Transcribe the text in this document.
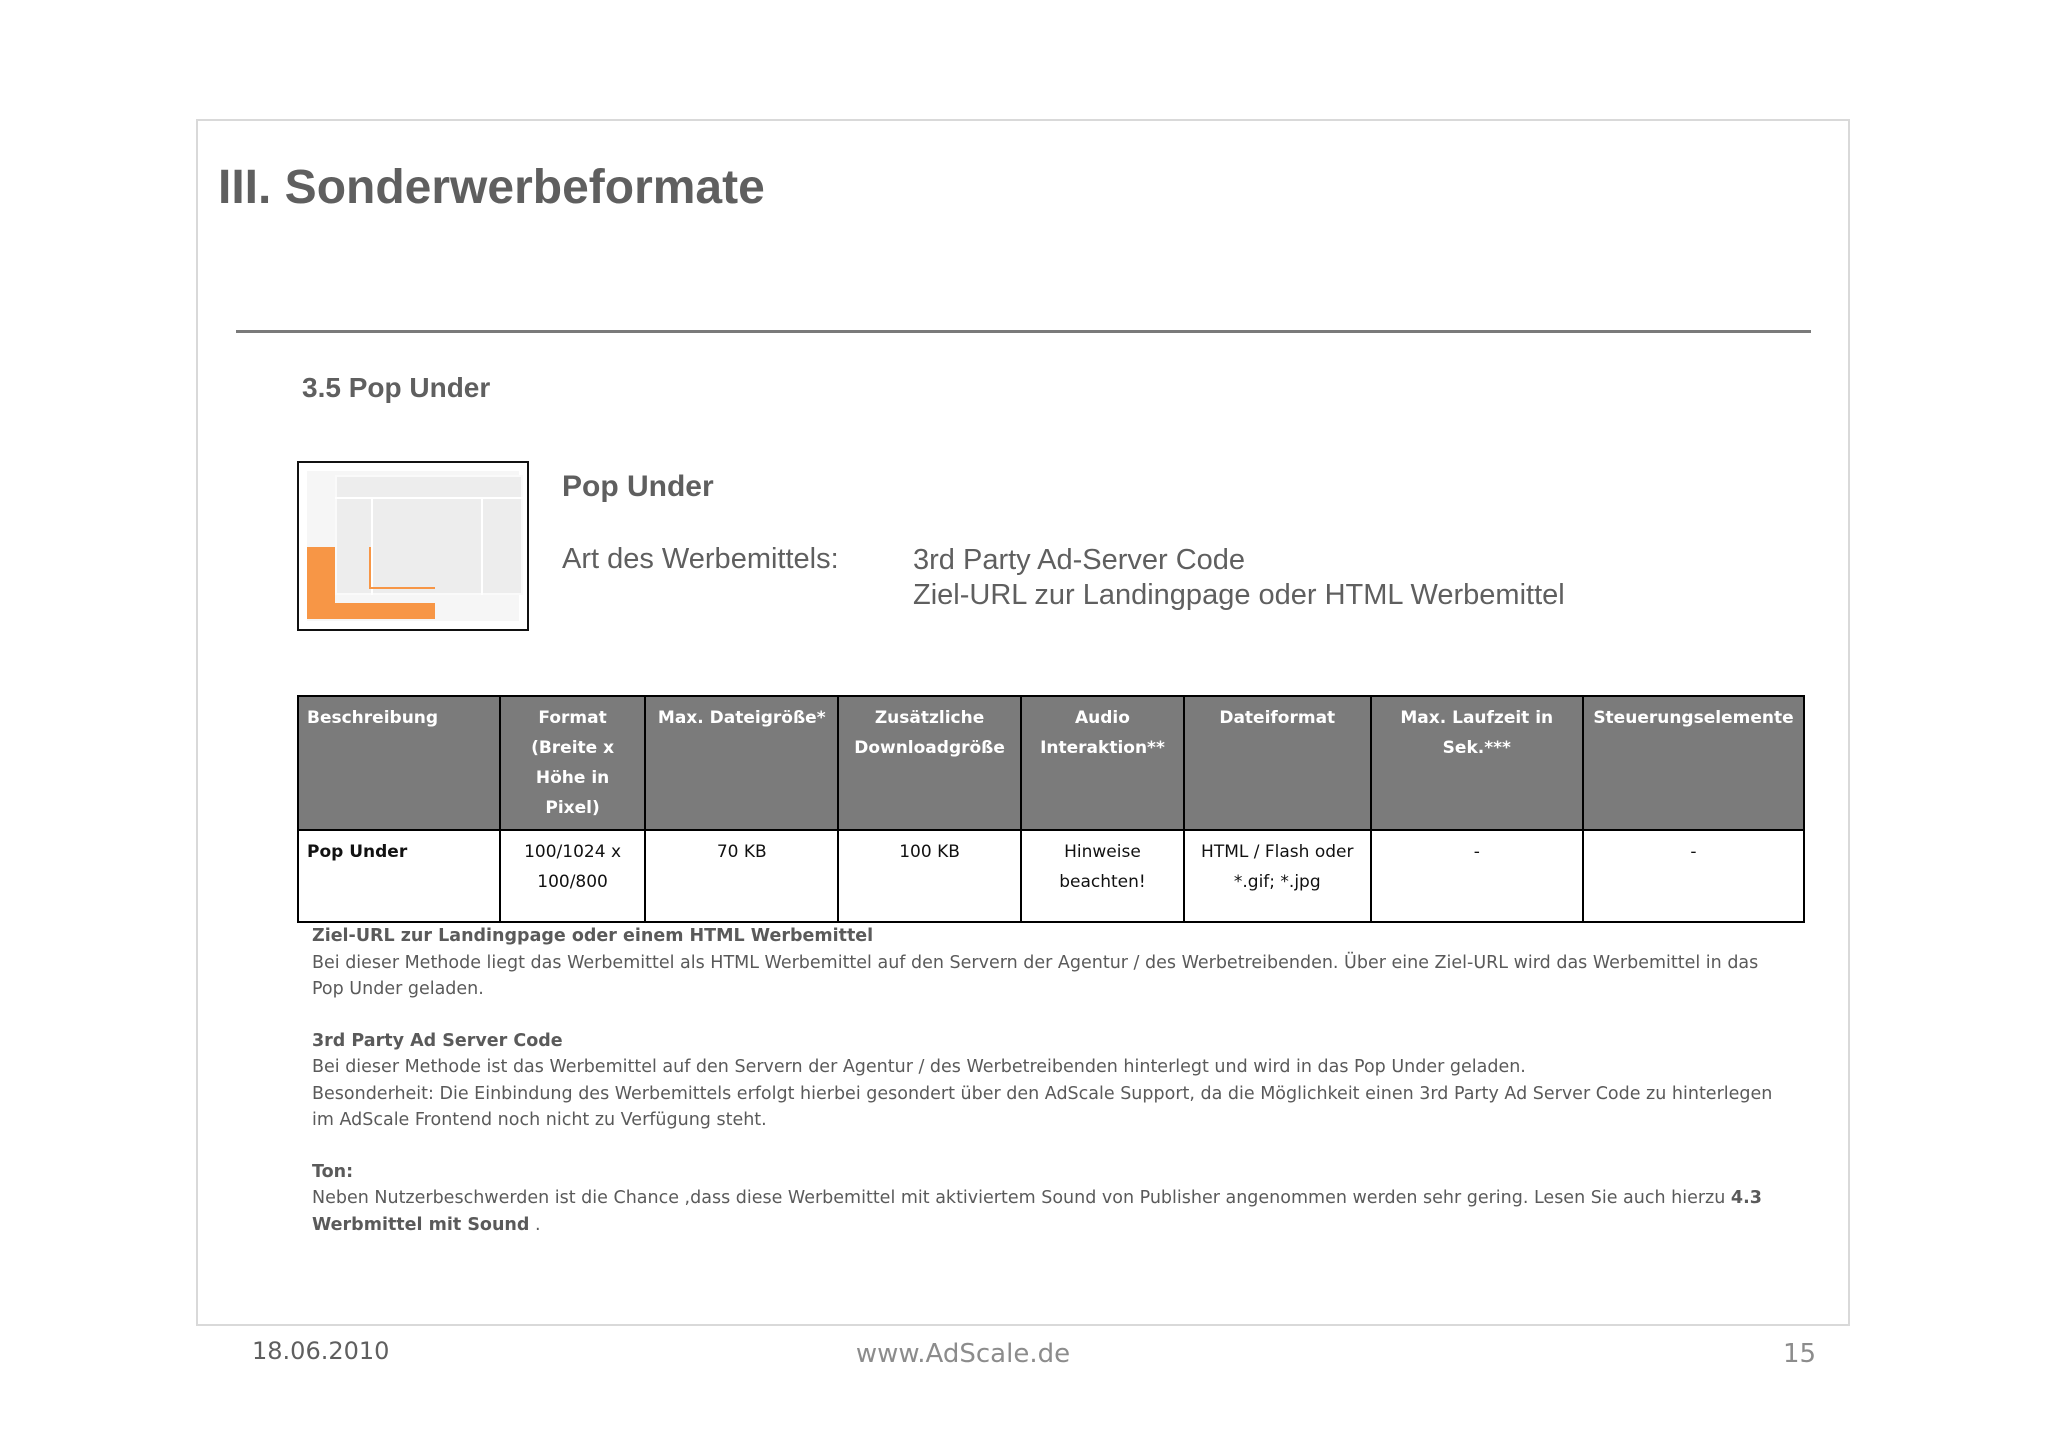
III. Sonderwerbeformate
3.5 Pop Under
Pop Under
Art des Werbemittels:	3rd Party Ad-Server Code
Ziel-URL zur Landingpage oder HTML Werbemittel
Beschreibung	Format (Breite x Höhe in Pixel)	Max. Dateigröße*	Zusätzliche Downloadgröße	Audio Interaktion**	Dateiformat	Max. Laufzeit in Sek.***	Steuerungselemente
Pop Under	100/1024 x 100/800	70 KB	100 KB	Hinweise beachten!	HTML / Flash oder *.gif; *.jpg	-	-

Ziel-URL zur Landingpage oder einem HTML Werbemittel

Bei dieser Methode liegt das Werbemittel als HTML Werbemittel auf den Servern der Agentur / des Werbetreibenden. Über eine Ziel-URL wird das Werbemittel in das Pop Under geladen.

3rd Party Ad Server Code

Bei dieser Methode ist das Werbemittel auf den Servern der Agentur / des Werbetreibenden hinterlegt und wird in das Pop Under geladen.

Besonderheit: Die Einbindung des Werbemittels erfolgt hierbei gesondert über den AdScale Support, da die Möglichkeit einen 3rd Party Ad Server Code zu hinterlegen im AdScale Frontend noch nicht zu Verfügung steht.

Ton:

Neben Nutzerbeschwerden ist die Chance ,dass diese Werbemittel mit aktiviertem Sound von Publisher angenommen werden sehr gering. Lesen Sie auch hierzu 4.3 Werbmittel mit Sound .

18.06.2010	www.AdScale.de	15
